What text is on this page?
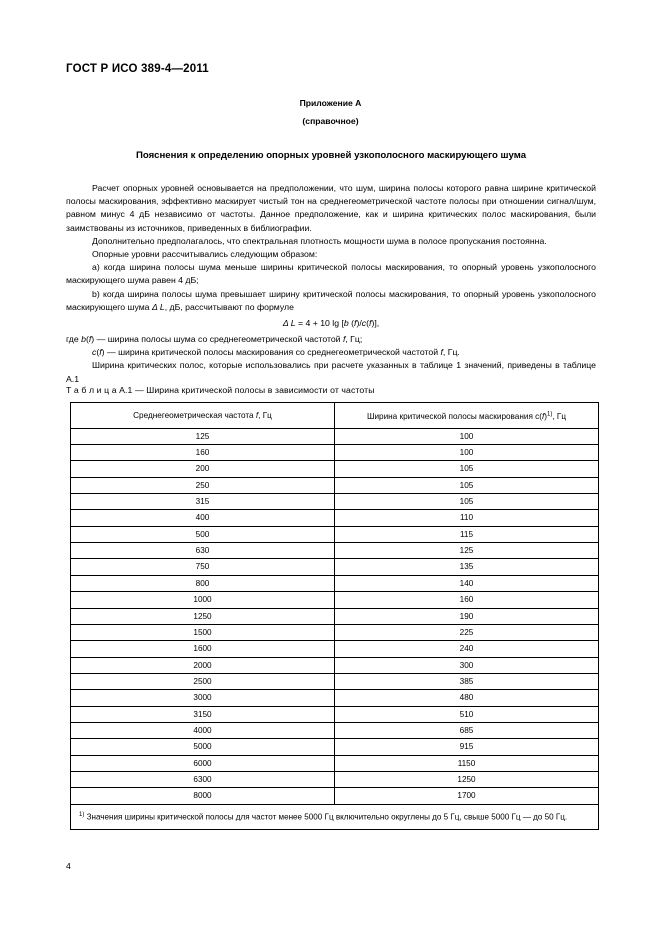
ГОСТ Р ИСО 389-4—2011
Приложение А
(справочное)
Пояснения к определению опорных уровней узкополосного маскирующего шума

Расчет опорных уровней основывается на предположении, что шум, ширина полосы которого равна ширине критической полосы маскирования, эффективно маскирует чистый тон на среднегеометрической частоте полосы при отношении сигнал/шум, равном минус 4 дБ независимо от частоты. Данное предположение, как и ширина критических полос маскирования, были заимствованы из источников, приведенных в библиографии.

Дополнительно предполагалось, что спектральная плотность мощности шума в полосе пропускания постоянна.

Опорные уровни рассчитывались следующим образом:

a) когда ширина полосы шума меньше ширины критической полосы маскирования, то опорный уровень узкополосного маскирующего шума равен 4 дБ;

b) когда ширина полосы шума превышает ширину критической полосы маскирования, то опорный уровень узкополосного маскирующего шума Δ L, дБ, рассчитывают по формуле

Δ L = 4 + 10 lg [b (f)/c(f)],

где b(f) — ширина полосы шума со среднегеометрической частотой f, Гц;

c(f) — ширина критической полосы маскирования со среднегеометрической частотой f, Гц.

Ширина критических полос, которые использовались при расчете указанных в таблице 1 значений, приведены в таблице А.1

Т а б л и ц а А.1 — Ширина критической полосы в зависимости от частоты
Среднегеометрическая частота f, Гц	Ширина критической полосы маскирования c(f)$^{1)}$, Гц
125	100
160	100
200	105
250	105
315	105
400	110
500	115
630	125
750	135
800	140
1000	160
1250	190
1500	225
1600	240
2000	300
2500	385
3000	480
3150	510
4000	685
5000	915
6000	1150
6300	1250
8000	1700
$^{1)}$ Значения ширины критической полосы для частот менее 5000 Гц включительно округлены до 5 Гц, свыше 5000 Гц — до 50 Гц.	
4
